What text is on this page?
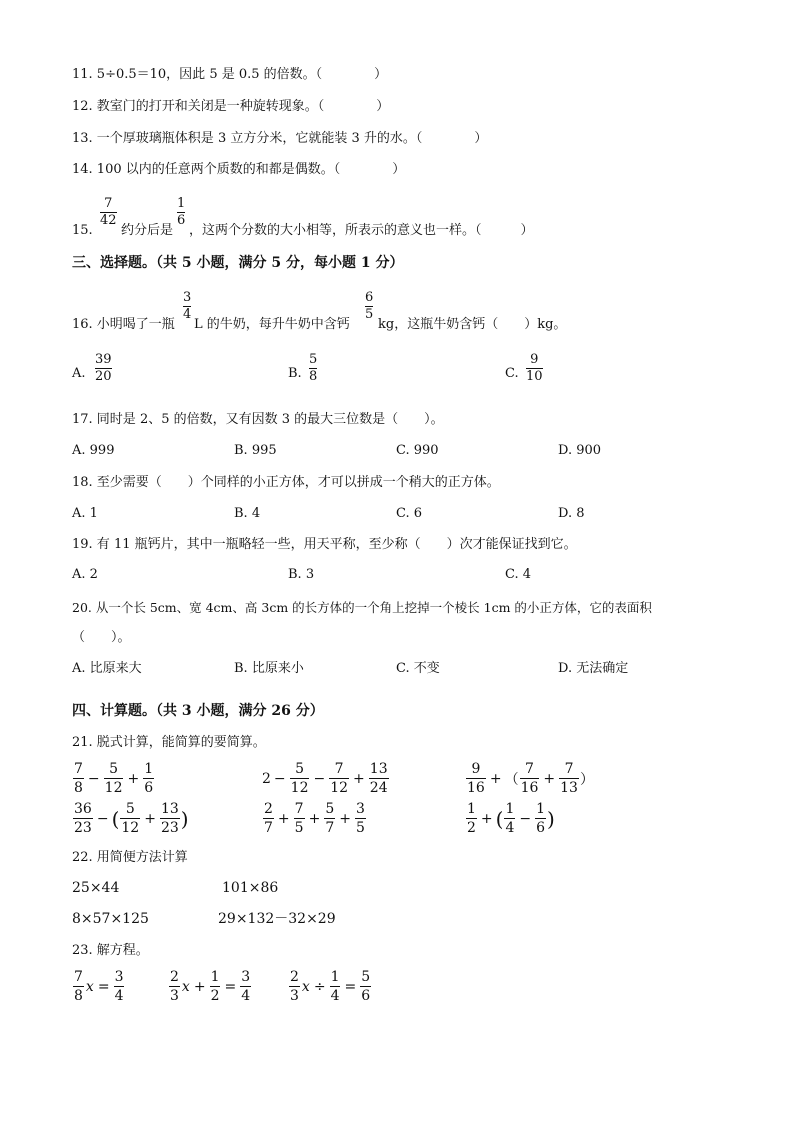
11. 5÷0.5＝10，因此 5 是 0.5 的倍数。（　　　　）
12. 教室门的打开和关闭是一种旋转现象。（　　　　）
13. 一个厚玻璃瓶体积是 3 立方分米，它就能装 3 升的水。（　　　　）
14. 100 以内的任意两个质数的和都是偶数。（　　　　）
15.
7
42
约分后是
1
6
，这两个分数的大小相等，所表示的意义也一样。（　　　）
三、选择题。（共 5 小题，满分 5 分，每小题 1 分）
16. 小明喝了一瓶
3
4
L 的牛奶，每升牛奶中含钙
6
5
kg，这瓶牛奶含钙（　　）kg。
A.
39
20	B.
5
8	C.
9
10
17. 同时是 2、5 的倍数，又有因数 3 的最大三位数是（　　）。
A. 999	B. 995	C. 990	D. 900
18. 至少需要（　　）个同样的小正方体，才可以拼成一个稍大的正方体。
A. 1	B. 4	C. 6	D. 8
19. 有 11 瓶钙片，其中一瓶略轻一些，用天平称，至少称（　　）次才能保证找到它。
A. 2	B. 3	C. 4
20. 从一个长 5cm、宽 4cm、高 3cm 的长方体的一个角上挖掉一个棱长 1cm 的小正方体，它的表面积
（　　）。
A. 比原来大	B. 比原来小	C. 不变	D. 无法确定
四、计算题。（共 3 小题，满分 26 分）
21. 脱式计算，能简算的要简算。
$\frac{7}{8} - \frac{5}{12} + \frac{1}{6}$	$2 - \frac{5}{12} - \frac{7}{12} + \frac{13}{24}$	$\frac{9}{16}$ + （ $\frac{7}{16} + \frac{7}{13}$ ）
$\frac{36}{23}$ − ( $\frac{5}{12} + \frac{13}{23}$ )	$\frac{2}{7} + \frac{7}{5} + \frac{5}{7} + \frac{3}{5}$	$\frac{1}{2}$ + ( $\frac{1}{4} - \frac{1}{6}$ )
22. 用简便方法计算
25×44	101×86
8×57×125	29×132－32×29
23. 解方程。
$\frac{7}{8}$ $x = \frac{3}{4}$	$\frac{2}{3}$ $x + \frac{1}{2} = \frac{3}{4}$	$\frac{2}{3}$ $x \div \frac{1}{4} = \frac{5}{6}$
